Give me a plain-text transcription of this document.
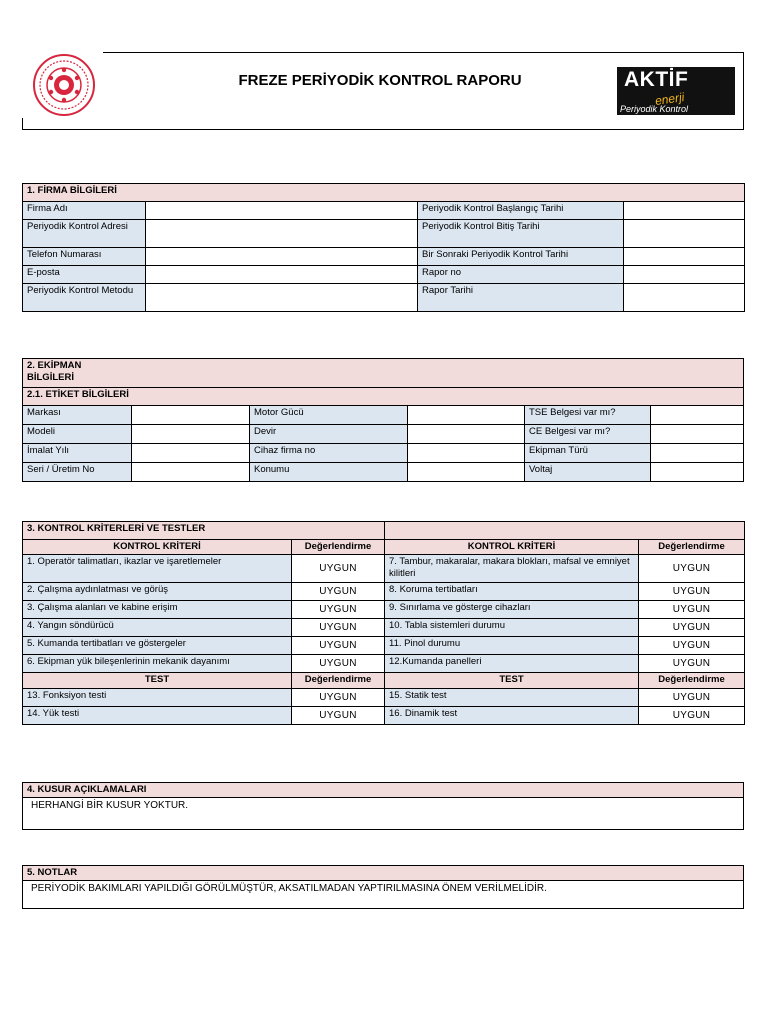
FREZE PERİYODİK KONTROL RAPORU	AKTİF
enerji
Periyodik Kontrol
1. FİRMA BİLGİLERİ			
Firma Adı		Periyodik Kontrol Başlangıç Tarihi	
Periyodik Kontrol Adresi		Periyodik Kontrol Bitiş Tarihi	
Telefon Numarası		Bir Sonraki Periyodik Kontrol Tarihi	
E-posta		Rapor no	
Periyodik Kontrol Metodu		Rapor Tarihi	
2. EKİPMAN BİLGİLERİ					

2.1. ETİKET BİLGİLERİ					
Markası		Motor Gücü		TSE Belgesi var mı?	
Modeli		Devir		CE Belgesi var mı?	
İmalat Yılı		Cihaz firma no		Ekipman Türü	
Seri / Üretim No		Konumu		Voltaj	
3. KONTROL KRİTERLERİ VE TESTLER			
KONTROL KRİTERİ	Değerlendirme	KONTROL KRİTERİ	Değerlendirme
1. Operatör talimatları, ikazlar ve işaretlemeler	UYGUN	7. Tambur, makaralar, makara blokları, mafsal ve emniyet kilitleri	UYGUN
2. Çalışma aydınlatması ve görüş	UYGUN	8. Koruma tertibatları	UYGUN
3. Çalışma alanları ve kabine erişim	UYGUN	9. Sınırlama ve gösterge cihazları	UYGUN
4. Yangın söndürücü	UYGUN	10. Tabla sistemleri durumu	UYGUN
5. Kumanda tertibatları ve göstergeler	UYGUN	11. Pinol durumu	UYGUN
6. Ekipman yük bileşenlerinin mekanik dayanımı	UYGUN	12.Kumanda panelleri	UYGUN
TEST	Değerlendirme	TEST	Değerlendirme
13. Fonksiyon testi	UYGUN	15. Statik test	UYGUN
14. Yük testi	UYGUN	16. Dinamik test	UYGUN
4. KUSUR AÇIKLAMALARI
HERHANGİ BİR KUSUR YOKTUR.
5. NOTLAR
PERİYODİK BAKIMLARI YAPILDIĞI GÖRÜLMÜŞTÜR, AKSATILMADAN YAPTIRILMASINA ÖNEM VERİLMELİDİR.
